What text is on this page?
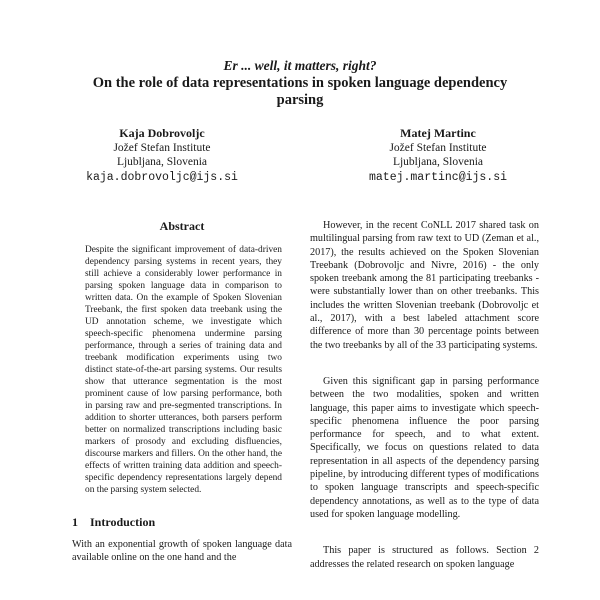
Er ... well, it matters, right?
On the role of data representations in spoken language dependency parsing
Kaja Dobrovoljc
Jožef Stefan Institute
Ljubljana, Slovenia
kaja.dobrovoljc@ijs.si
Matej Martinc
Jožef Stefan Institute
Ljubljana, Slovenia
matej.martinc@ijs.si
Abstract

Despite the significant improvement of data-driven dependency parsing systems in recent years, they still achieve a considerably lower performance in parsing spoken language data in comparison to written data. On the example of Spoken Slovenian Treebank, the first spoken data treebank using the UD annotation scheme, we investigate which speech-specific phenomena undermine parsing performance, through a series of training data and treebank modification experiments using two distinct state-of-the-art parsing systems. Our results show that utterance segmentation is the most prominent cause of low parsing performance, both in parsing raw and pre-segmented transcriptions. In addition to shorter utterances, both parsers perform better on normalized transcriptions including basic markers of prosody and excluding disfluencies, discourse markers and fillers. On the other hand, the effects of written training data addition and speech-specific dependency representations largely depend on the parsing system selected.

1 Introduction

With an exponential growth of spoken language data available online on the one hand and the

However, in the recent CoNLL 2017 shared task on multilingual parsing from raw text to UD (Zeman et al., 2017), the results achieved on the Spoken Slovenian Treebank (Dobrovoljc and Nivre, 2016) - the only spoken treebank among the 81 participating treebanks - were substantially lower than on other treebanks. This includes the written Slovenian treebank (Dobrovoljc et al., 2017), with a best labeled attachment score difference of more than 30 percentage points between the two treebanks by all of the 33 participating systems.

Given this significant gap in parsing performance between the two modalities, spoken and written language, this paper aims to investigate which speech-specific phenomena influence the poor parsing performance for speech, and to what extent. Specifically, we focus on questions related to data representation in all aspects of the dependency parsing pipeline, by introducing different types of modifications to spoken language transcripts and speech-specific dependency annotations, as well as to the type of data used for spoken language modelling.

This paper is structured as follows. Section 2 addresses the related research on spoken language
